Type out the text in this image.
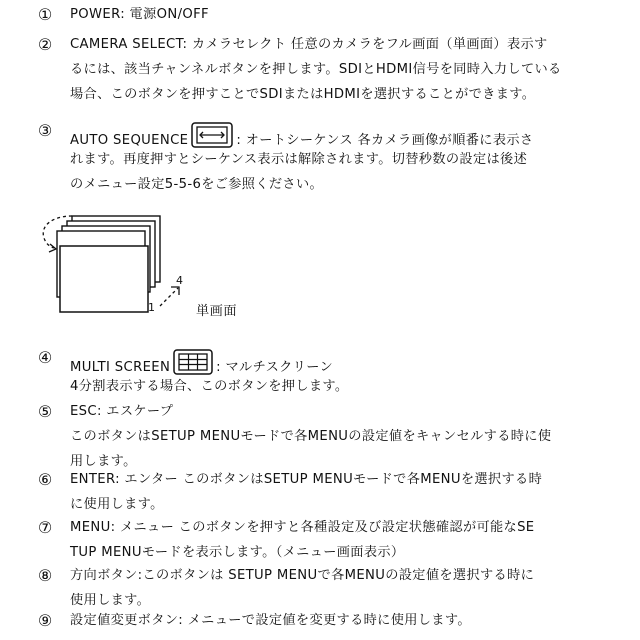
① POWER: 電源ON/OFF
② CAMERA SELECT: カメラセレクト 任意のカメラをフル画面（単画面）表示す
るには、該当チャンネルボタンを押します。SDIとHDMI信号を同時入力している
場合、このボタンを押すことでSDIまたはHDMIを選択することができます。
③
AUTO SEQUENCE	: オートシーケンス 各カメラ画像が順番に表示さ
れます。再度押すとシーケンス表示は解除されます。切替秒数の設定は後述
のメニュー設定5-5-6をご参照ください。
4
1	単画面
④
MULTI SCREEN	: マルチスクリーン
4分割表示する場合、このボタンを押します。
⑤ ESC: エスケープ
このボタンはSETUP MENUモードで各MENUの設定値をキャンセルする時に使
用します。
⑥ ENTER: エンター このボタンはSETUP MENUモードで各MENUを選択する時
に使用します。
⑦ MENU: メニュー このボタンを押すと各種設定及び設定状態確認が可能なSE
TUP MENUモードを表示します。（メニュー画面表示）
⑧ 方向ボタン:このボタンは SETUP MENUで各MENUの設定値を選択する時に
使用します。
⑨ 設定値変更ボタン: メニューで設定値を変更する時に使用します。
